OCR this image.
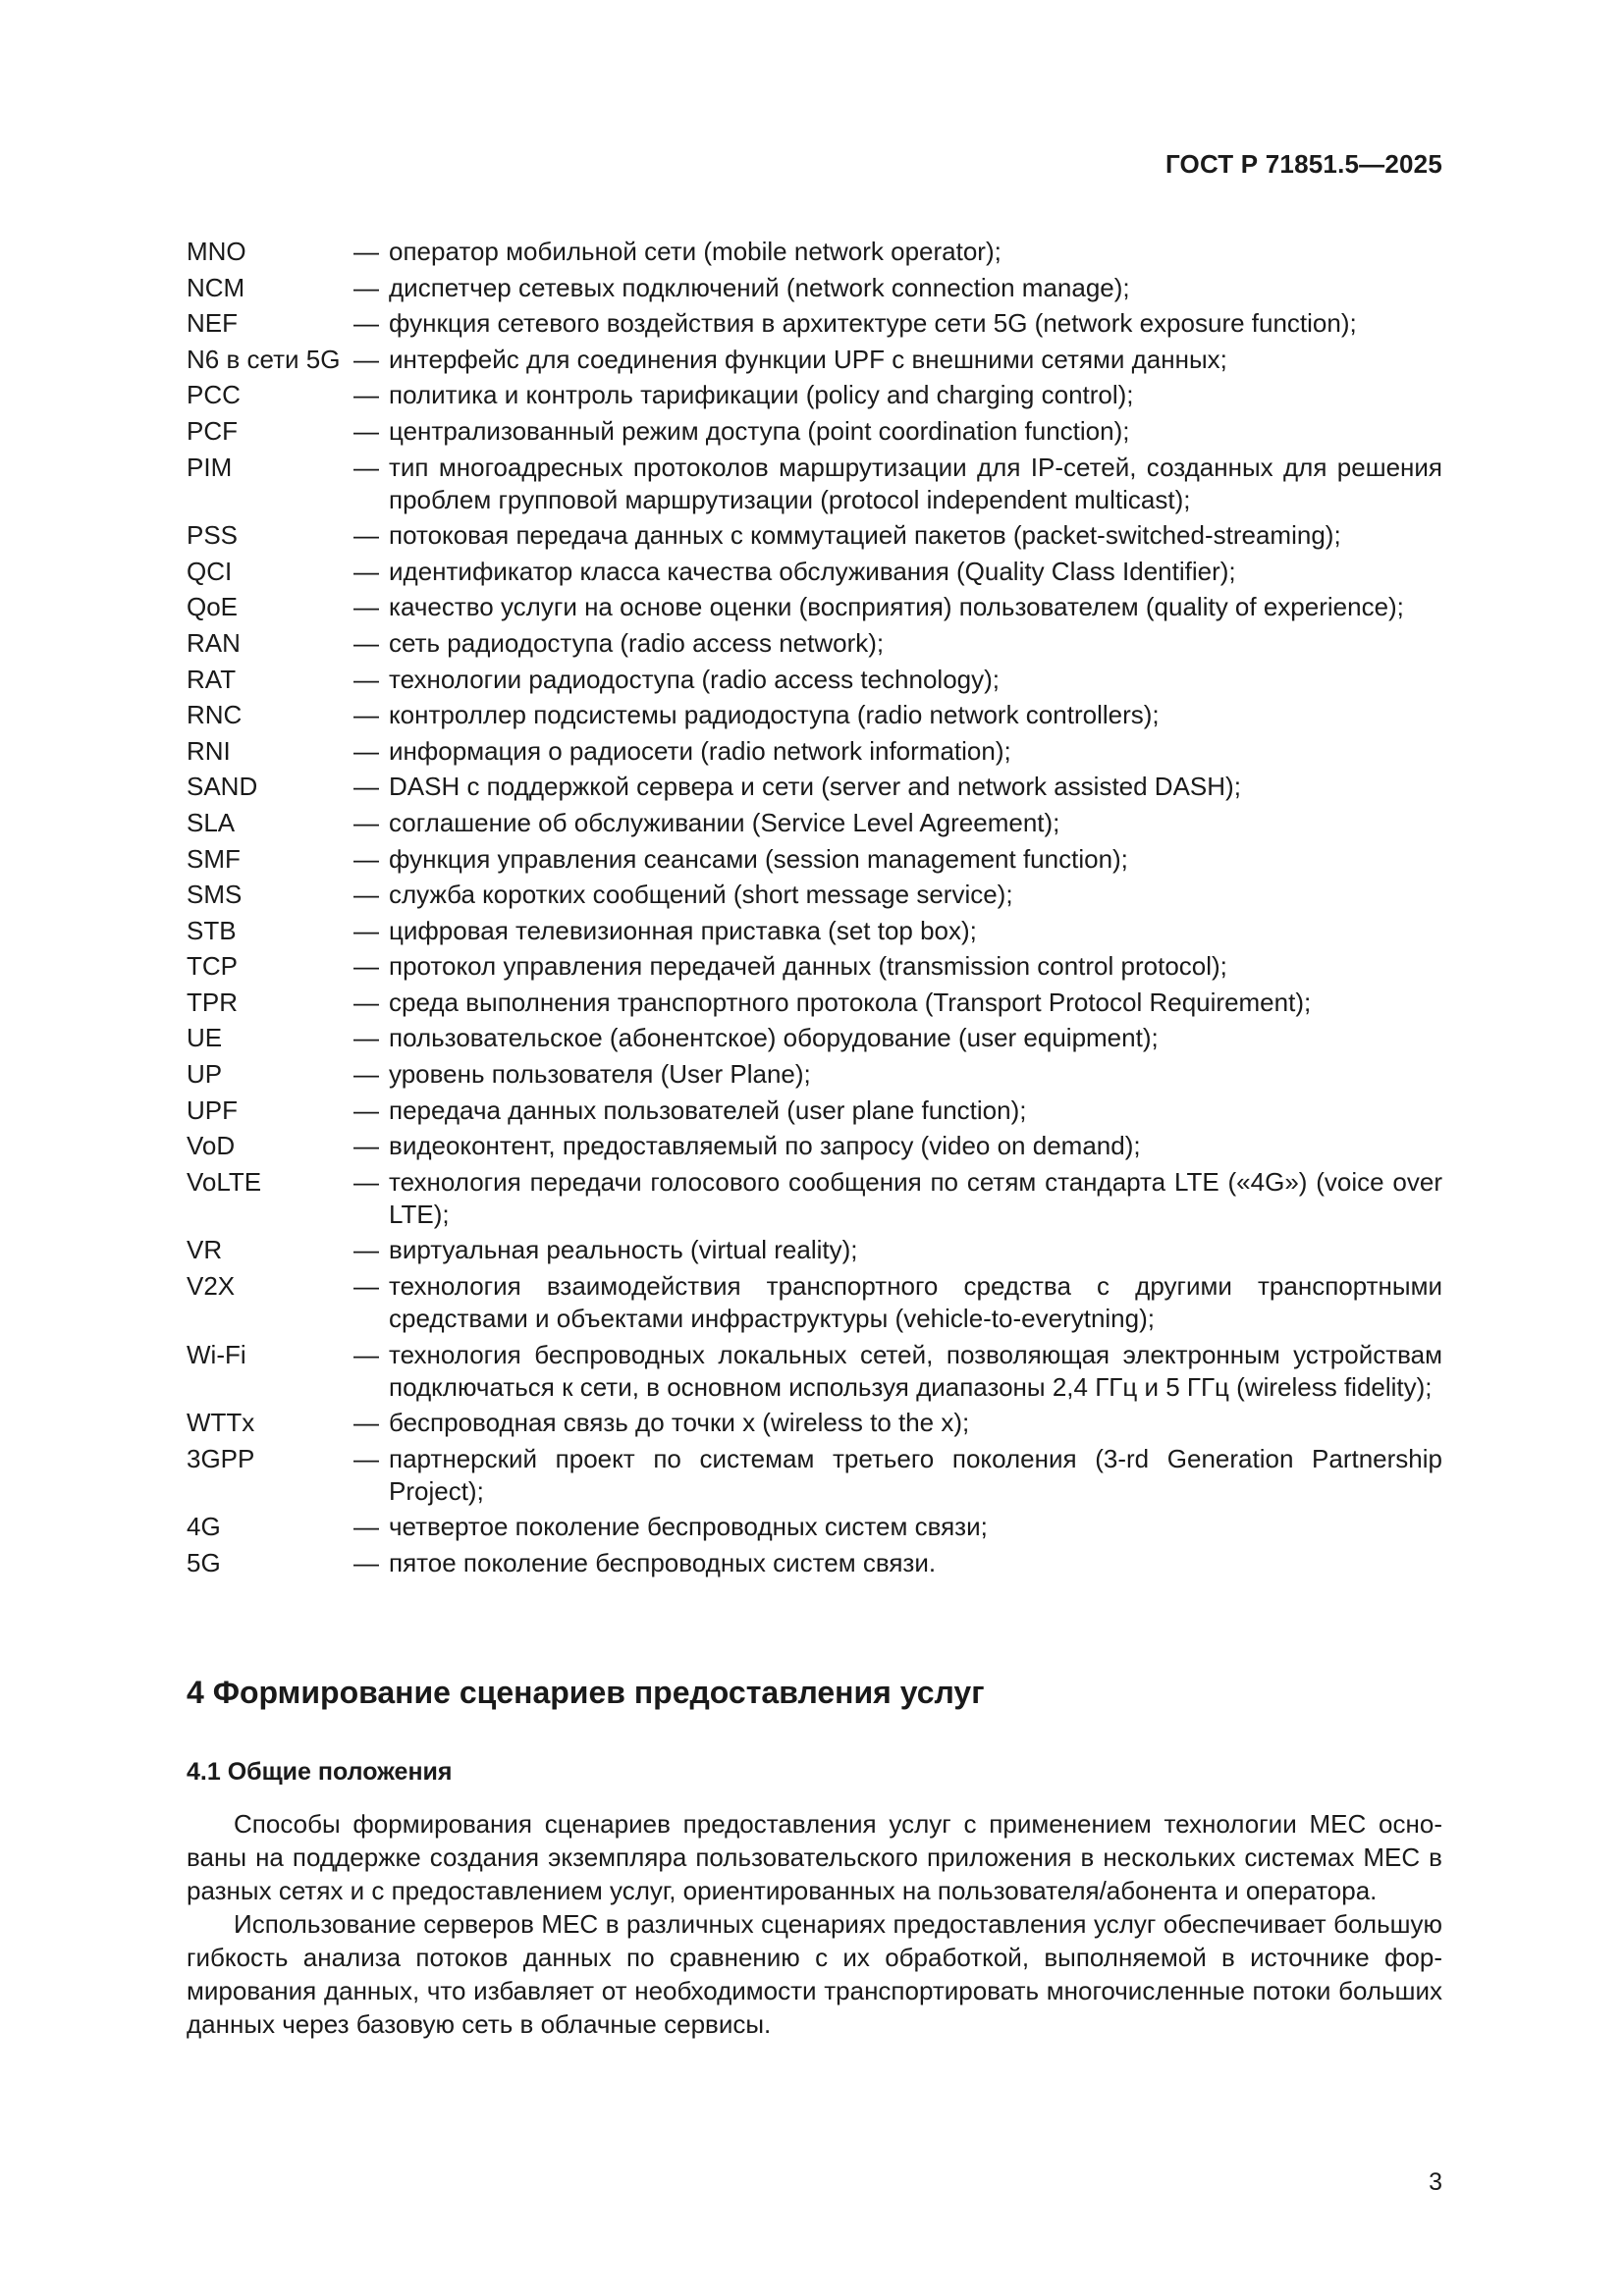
ГОСТ Р 71851.5—2025
MNO	— оператор мобильной сети (mobile network operator);
NCM	— диспетчер сетевых подключений (network connection manage);
NEF	— функция сетевого воздействия в архитектуре сети 5G (network exposure function);
N6 в сети 5G — интерфейс для соединения функции UPF с внешними сетями данных;
PCC	— политика и контроль тарификации (policy and charging control);
PCF	— централизованный режим доступа (point coordination function);
PIM	— тип многоадресных протоколов маршрутизации для IP-сетей, созданных для решения проблем групповой маршрутизации (protocol independent multicast);
PSS	— потоковая передача данных с коммутацией пакетов (packet-switched-streaming);
QCI	— идентификатор класса качества обслуживания (Quality Class Identifier);
QoE	— качество услуги на основе оценки (восприятия) пользователем (quality of experience);
RAN	— сеть радиодоступа (radio access network);
RAT	— технологии радиодоступа (radio access technology);
RNC	— контроллер подсистемы радиодоступа (radio network controllers);
RNI	— информация о радиосети (radio network information);
SAND	— DASH с поддержкой сервера и сети (server and network assisted DASH);
SLA	— соглашение об обслуживании (Service Level Agreement);
SMF	— функция управления сеансами (session management function);
SMS	— служба коротких сообщений (short message service);
STB	— цифровая телевизионная приставка (set top box);
TCP	— протокол управления передачей данных (transmission control protocol);
TPR	— среда выполнения транспортного протокола (Transport Protocol Requirement);
UE	— пользовательское (абонентское) оборудование (user equipment);
UP	— уровень пользователя (User Plane);
UPF	— передача данных пользователей (user plane function);
VoD	— видеоконтент, предоставляемый по запросу (video on demand);
VoLTE	— технология передачи голосового сообщения по сетям стандарта LTE («4G») (voice over LTE);
VR	— виртуальная реальность (virtual reality);
V2X	— технология взаимодействия транспортного средства с другими транспортными средствами и объектами инфраструктуры (vehicle-to-everytning);
Wi-Fi	— технология беспроводных локальных сетей, позволяющая электронным устройствам подключаться к сети, в основном используя диапазоны 2,4 ГГц и 5 ГГц (wireless fidelity);
WTTx	— беспроводная связь до точки x (wireless to the x);
3GPP	— партнерский проект по системам третьего поколения (3-rd Generation Partnership Project);
4G	— четвертое поколение беспроводных систем связи;
5G	— пятое поколение беспроводных систем связи.
4 Формирование сценариев предоставления услуг
4.1 Общие положения

Способы формирования сценариев предоставления услуг с применением технологии МЕС основаны на поддержке создания экземпляра пользовательского приложения в нескольких системах МЕС в разных сетях и с предоставлением услуг, ориентированных на пользователя/абонента и оператора.

Использование серверов МЕС в различных сценариях предоставления услуг обеспечивает большую гибкость анализа потоков данных по сравнению с их обработкой, выполняемой в источнике формирования данных, что избавляет от необходимости транспортировать многочисленные потоки больших данных через базовую сеть в облачные сервисы.

3
